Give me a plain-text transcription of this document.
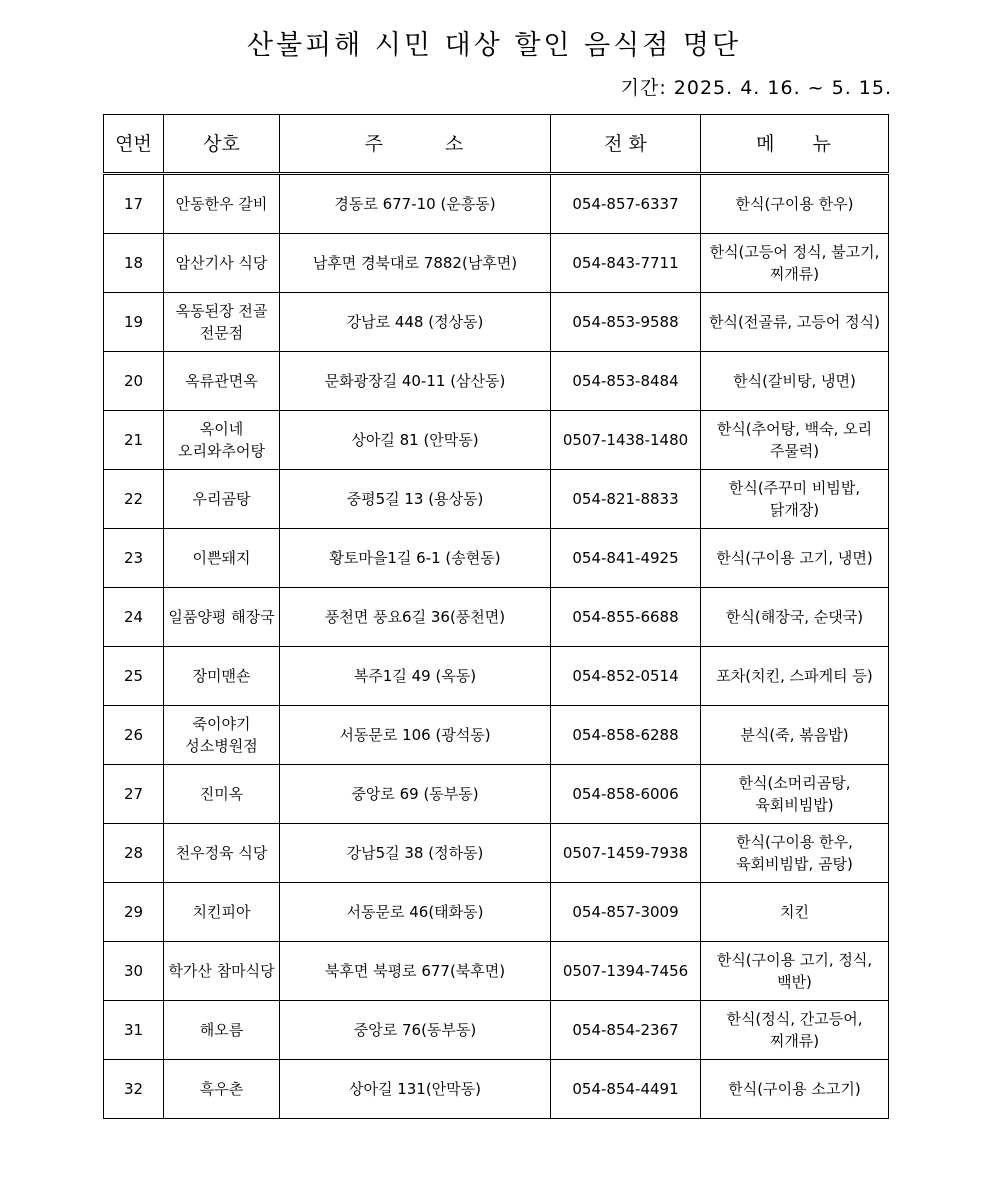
산불피해 시민 대상 할인 음식점 명단
기간: 2025. 4. 16. ~ 5. 15.
연번	상호	주 소	전 화	메 뉴
17	안동한우 갈비	경동로 677-10 (운흥동)	054-857-6337	한식(구이용 한우)
18	암산기사 식당	남후면 경북대로 7882(남후면)	054-843-7711	한식(고등어 정식, 불고기, 찌개류)
19	옥동된장 전골 전문점	강남로 448 (정상동)	054-853-9588	한식(전골류, 고등어 정식)
20	옥류관면옥	문화광장길 40-11 (삼산동)	054-853-8484	한식(갈비탕, 냉면)
21	옥이네 오리와추어탕	상아길 81 (안막동)	0507-1438-1480	한식(추어탕, 백숙, 오리 주물럭)
22	우리곰탕	중평5길 13 (용상동)	054-821-8833	한식(주꾸미 비빔밥, 닭개장)
23	이쁜돼지	황토마을1길 6-1 (송현동)	054-841-4925	한식(구이용 고기, 냉면)
24	일품양평 해장국	풍천면 풍요6길 36(풍천면)	054-855-6688	한식(해장국, 순댓국)
25	장미맨숀	복주1길 49 (옥동)	054-852-0514	포차(치킨, 스파게티 등)
26	죽이야기 성소병원점	서동문로 106 (광석동)	054-858-6288	분식(죽, 볶음밥)
27	진미옥	중앙로 69 (동부동)	054-858-6006	한식(소머리곰탕, 육회비빔밥)
28	천우정육 식당	강남5길 38 (정하동)	0507-1459-7938	한식(구이용 한우, 육회비빔밥, 곰탕)
29	치킨피아	서동문로 46(태화동)	054-857-3009	치킨
30	학가산 참마식당	북후면 북평로 677(북후면)	0507-1394-7456	한식(구이용 고기, 정식, 백반)
31	해오름	중앙로 76(동부동)	054-854-2367	한식(정식, 간고등어, 찌개류)
32	흑우촌	상아길 131(안막동)	054-854-4491	한식(구이용 소고기)
